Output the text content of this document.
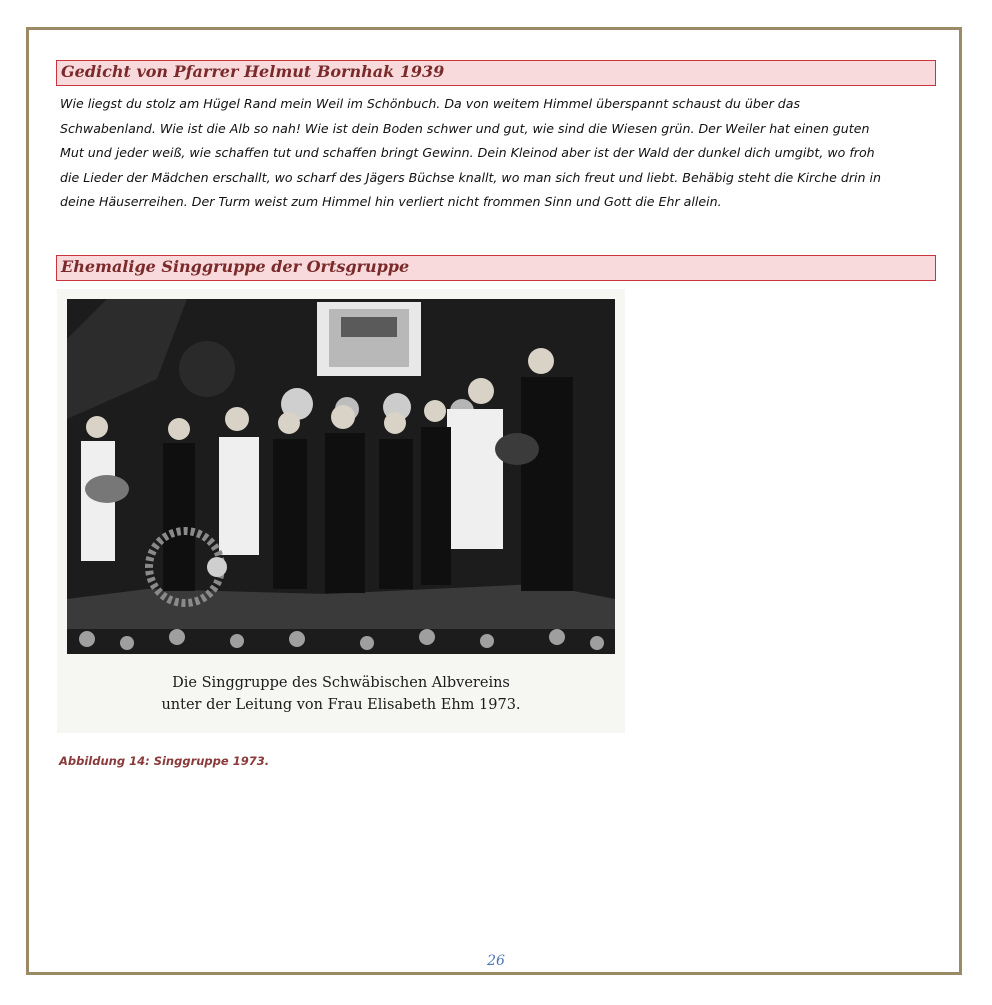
Gedicht von Pfarrer Helmut Bornhak 1939
Wie liegst du stolz am Hügel Rand mein Weil im Schönbuch. Da von weitem Himmel überspannt schaust du über das
Schwabenland. Wie ist die Alb so nah! Wie ist dein Boden schwer und gut, wie sind die Wiesen grün. Der Weiler hat einen guten
Mut und jeder weiß, wie schaffen tut und schaffen bringt Gewinn. Dein Kleinod aber ist der Wald der dunkel dich umgibt, wo froh
die Lieder der Mädchen erschallt, wo scharf des Jägers Büchse knallt, wo man sich freut und liebt. Behäbig steht die Kirche drin in
deine Häuserreihen. Der Turm weist zum Himmel hin verliert nicht frommen Sinn und Gott die Ehr allein.
Ehemalige Singgruppe der Ortsgruppe
Die Singgruppe des Schwäbischen Albvereins
unter der Leitung von Frau Elisabeth Ehm 1973.
Abbildung 14: Singgruppe 1973.
26
